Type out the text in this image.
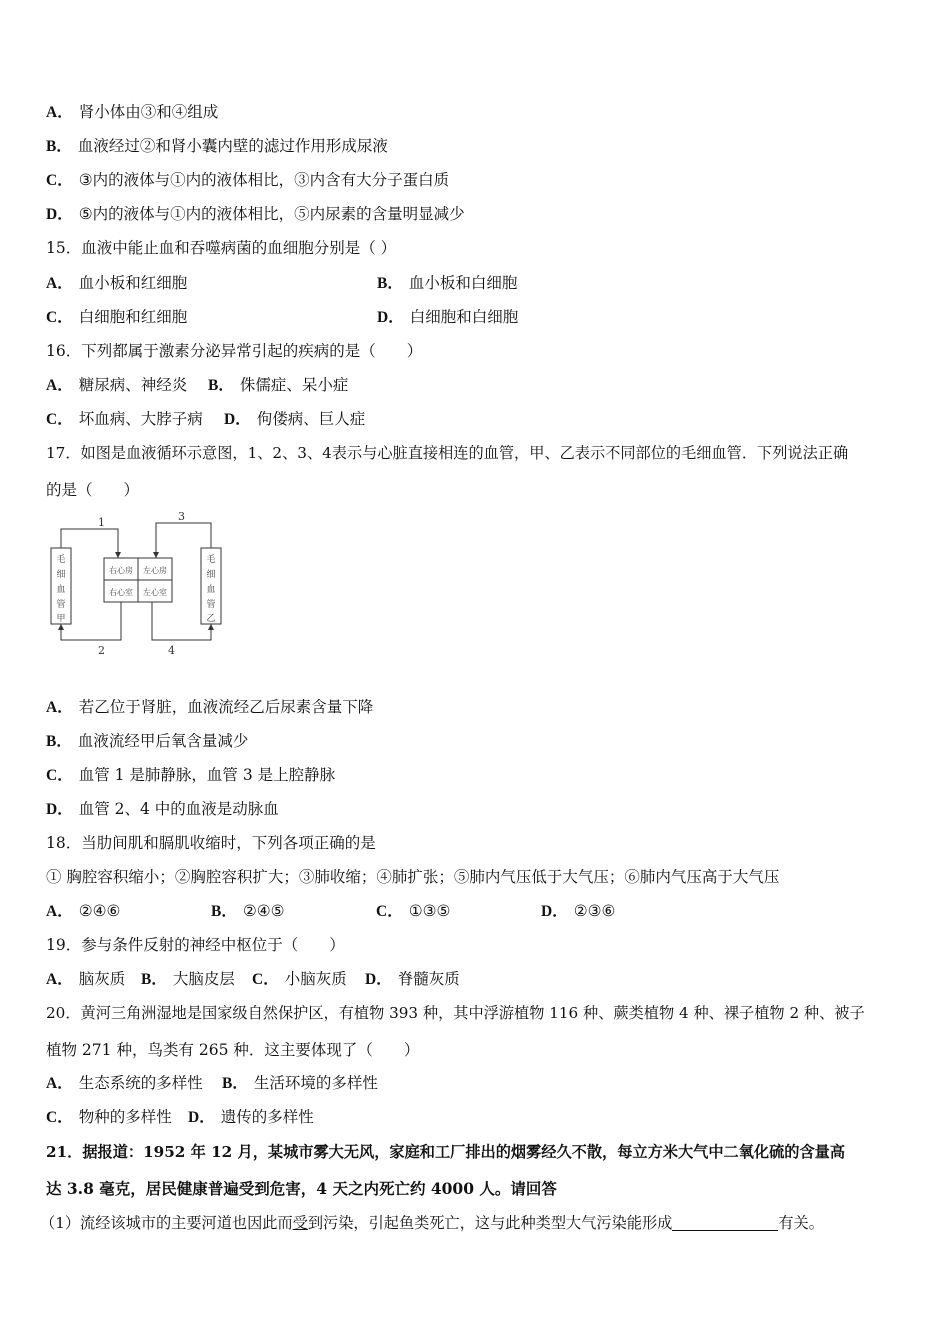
A． 肾小体由③和④组成
B． 血液经过②和肾小囊内壁的滤过作用形成尿液
C． ③内的液体与①内的液体相比，③内含有大分子蛋白质
D． ⑤内的液体与①内的液体相比，⑤内尿素的含量明显减少
15．血液中能止血和吞噬病菌的血细胞分别是（ ）
A． 血小板和红细胞	B． 血小板和白细胞
C． 白细胞和红细胞	D． 白细胞和白细胞
16．下列都属于激素分泌异常引起的疾病的是（　　）
A． 糖尿病、神经炎 B． 侏儒症、呆小症
C． 坏血病、大脖子病 D． 佝偻病、巨人症
17．如图是血液循环示意图，1、2、3、4表示与心脏直接相连的血管，甲、乙表示不同部位的毛细血管．下列说法正确
的是（　　）
1	3
2	4
毛
细
血
管
甲
毛
细
血
管
乙
右心房 左心房
右心室 左心室
A． 若乙位于肾脏，血液流经乙后尿素含量下降
B． 血液流经甲后氧含量减少
C． 血管 1 是肺静脉，血管 3 是上腔静脉
D． 血管 2、4 中的血液是动脉血
18．当肋间肌和膈肌收缩时，下列各项正确的是
① 胸腔容积缩小；②胸腔容积扩大；③肺收缩；④肺扩张；⑤肺内气压低于大气压；⑥肺内气压高于大气压
A． ②④⑥	B． ②④⑤	C． ①③⑤	D． ②③⑥
19．参与条件反射的神经中枢位于（　　）
A． 脑灰质 B． 大脑皮层 C． 小脑灰质 D． 脊髓灰质
20．黄河三角洲湿地是国家级自然保护区，有植物 393 种，其中浮游植物 116 种、蕨类植物 4 种、裸子植物 2 种、被子
植物 271 种，鸟类有 265 种．这主要体现了（　　）
A． 生态系统的多样性 B． 生活环境的多样性
C． 物种的多样性 D． 遗传的多样性
21．据报道：1952 年 12 月，某城市雾大无风，家庭和工厂排出的烟雾经久不散，每立方米大气中二氧化硫的含量高
达 3.8 毫克，居民健康普遍受到危害，4 天之内死亡约 4000 人。请回答
（1）流经该城市的主要河道也因此而受到污染，引起鱼类死亡，这与此种类型大气污染能形成	有关。
